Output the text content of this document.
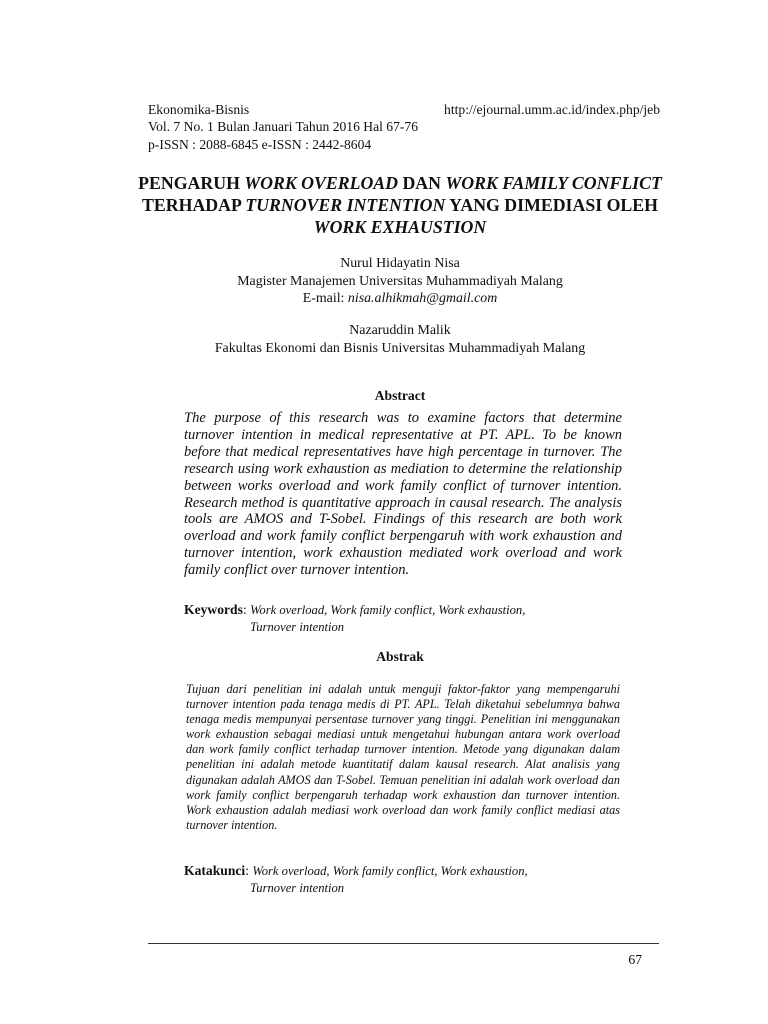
Ekonomika-Bisnis	http://ejournal.umm.ac.id/index.php/jeb
Vol. 7 No. 1 Bulan Januari Tahun 2016 Hal 67-76
p-ISSN : 2088-6845 e-ISSN : 2442-8604
PENGARUH WORK OVERLOAD DAN WORK FAMILY CONFLICT TERHADAP TURNOVER INTENTION YANG DIMEDIASI OLEH WORK EXHAUSTION
Nurul Hidayatin Nisa
Magister Manajemen Universitas Muhammadiyah Malang
E-mail: nisa.alhikmah@gmail.com
Nazaruddin Malik
Fakultas Ekonomi dan Bisnis Universitas Muhammadiyah Malang
Abstract
The purpose of this research was to examine factors that determine turnover intention in medical representative at PT. APL. To be known before that medical representatives have high percentage in turnover. The research using work exhaustion as mediation to determine the relationship between works overload and work family conflict of turnover intention. Research method is quantitative approach in causal research. The analysis tools are AMOS and T-Sobel. Findings of this research are both work overload and work family conflict berpengaruh with work exhaustion and turnover intention, work exhaustion mediated work overload and work family conflict over turnover intention.
Keywords: Work overload, Work family conflict, Work exhaustion,
Turnover intention
Abstrak
Tujuan dari penelitian ini adalah untuk menguji faktor-faktor yang mempengaruhi turnover intention pada tenaga medis di PT. APL. Telah diketahui sebelumnya bahwa tenaga medis mempunyai persentase turnover yang tinggi. Penelitian ini menggunakan work exhaustion sebagai mediasi untuk mengetahui hubungan antara work overload dan work family conflict terhadap turnover intention. Metode yang digunakan dalam penelitian ini adalah metode kuantitatif dalam kausal research. Alat analisis yang digunakan adalah AMOS dan T-Sobel. Temuan penelitian ini adalah work overload dan work family conflict berpengaruh terhadap work exhaustion dan turnover intention. Work exhaustion adalah mediasi work overload dan work family conflict mediasi atas turnover intention.
Katakunci: Work overload, Work family conflict, Work exhaustion,
Turnover intention
67
